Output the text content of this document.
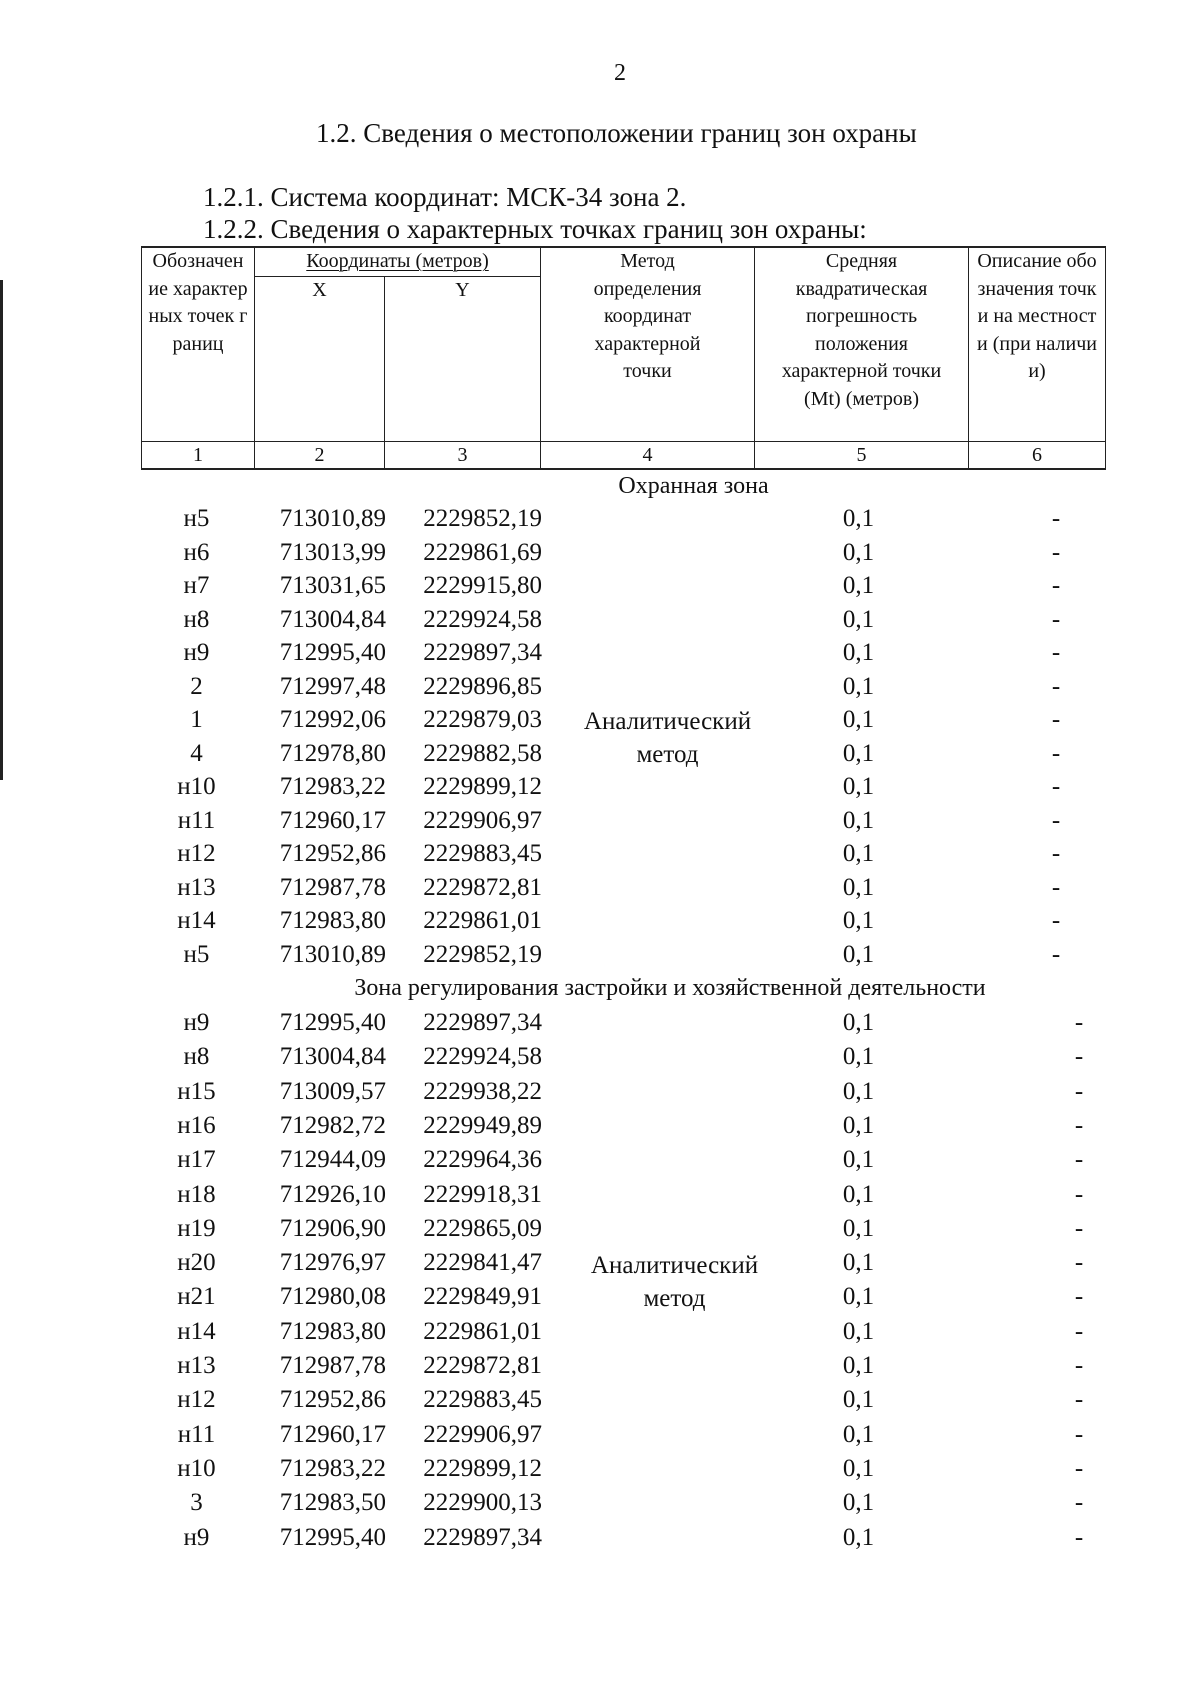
2
1.2. Сведения о местоположении границ зон охраны
1.2.1. Система координат: МСК-34 зона 2.
1.2.2. Сведения о характерных точках границ зон охраны:
Обозначение характерных точек границ	Координаты (метров)		Метод определения координат характерной точки	Средняя квадратическая погрешность положения характерной точки (Mt) (метров)	Описание обозначения точки на местности (при наличии)

	X	Y			
1	2	3	4	5	6
Охранная зона
Аналитический метод
н5	713010,89	2229852,19	0,1	-
н6	713013,99	2229861,69	0,1	-
н7	713031,65	2229915,80	0,1	-
н8	713004,84	2229924,58	0,1	-
н9	712995,40	2229897,34	0,1	-
2	712997,48	2229896,85	0,1	-
1	712992,06	2229879,03	0,1	-
4	712978,80	2229882,58	0,1	-
н10	712983,22	2229899,12	0,1	-
н11	712960,17	2229906,97	0,1	-
н12	712952,86	2229883,45	0,1	-
н13	712987,78	2229872,81	0,1	-
н14	712983,80	2229861,01	0,1	-
н5	713010,89	2229852,19	0,1	-
Зона регулирования застройки и хозяйственной деятельности
Аналитический метод
н9	712995,40	2229897,34	0,1	-
н8	713004,84	2229924,58	0,1	-
н15	713009,57	2229938,22	0,1	-
н16	712982,72	2229949,89	0,1	-
н17	712944,09	2229964,36	0,1	-
н18	712926,10	2229918,31	0,1	-
н19	712906,90	2229865,09	0,1	-
н20	712976,97	2229841,47	0,1	-
н21	712980,08	2229849,91	0,1	-
н14	712983,80	2229861,01	0,1	-
н13	712987,78	2229872,81	0,1	-
н12	712952,86	2229883,45	0,1	-
н11	712960,17	2229906,97	0,1	-
н10	712983,22	2229899,12	0,1	-
3	712983,50	2229900,13	0,1	-
н9	712995,40	2229897,34	0,1	-
